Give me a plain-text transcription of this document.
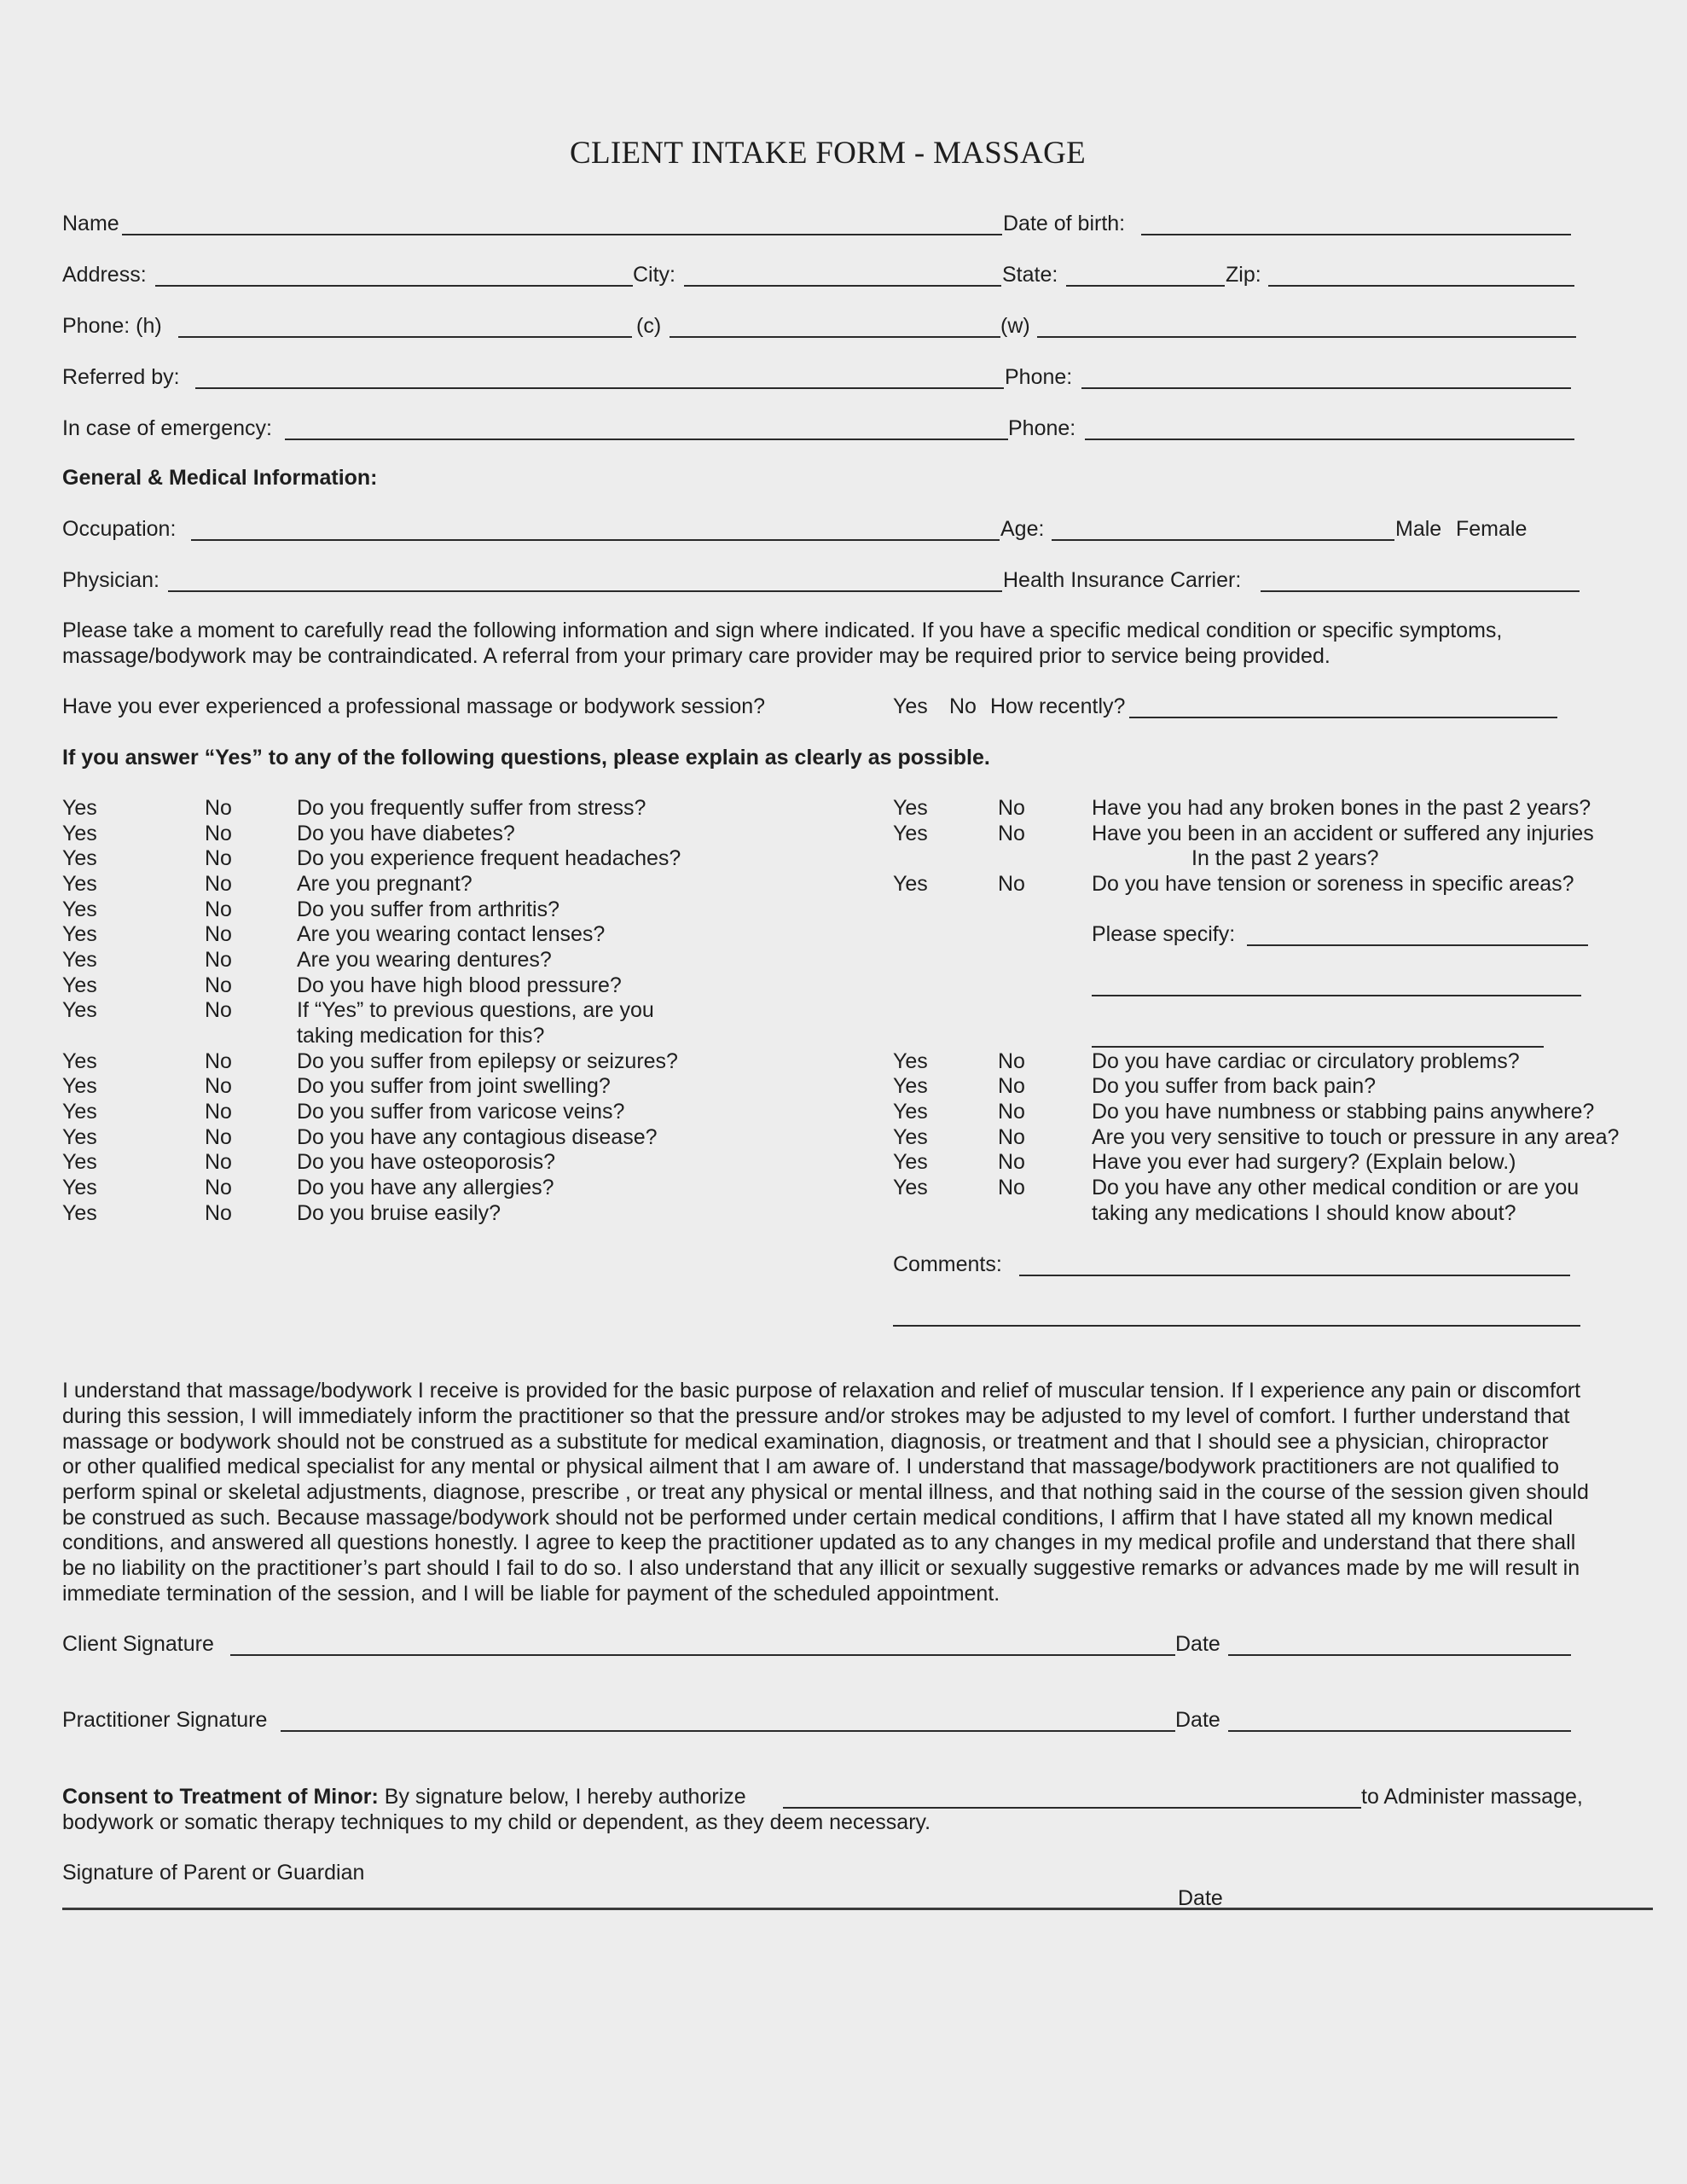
CLIENT INTAKE FORM - MASSAGE
Name	Date of birth:
Address:	City:	State:	Zip:
Phone: (h)	(c)	(w)
Referred by:	Phone:
In case of emergency:	Phone:
General & Medical Information:
Occupation:	Age:	Male Female
Physician:	Health Insurance Carrier:
Please take a moment to carefully read the following information and sign where indicated. If you have a specific medical condition or specific symptoms,
massage/bodywork may be contraindicated. A referral from your primary care provider may be required prior to service being provided.
Have you ever experienced a professional massage or bodywork session?	Yes No How recently?
If you answer “Yes” to any of the following questions, please explain as clearly as possible.
Yes	No	Do you frequently suffer from stress?
Yes	No	Do you have diabetes?
Yes	No	Do you experience frequent headaches?
Yes	No	Are you pregnant?
Yes	No	Do you suffer from arthritis?
Yes	No	Are you wearing contact lenses?
Yes	No	Are you wearing dentures?
Yes	No	Do you have high blood pressure?
Yes	No	If “Yes” to previous questions, are you
taking medication for this?
Yes	No	Do you suffer from epilepsy or seizures?
Yes	No	Do you suffer from joint swelling?
Yes	No	Do you suffer from varicose veins?
Yes	No	Do you have any contagious disease?
Yes	No	Do you have osteoporosis?
Yes	No	Do you have any allergies?
Yes	No	Do you bruise easily?
Yes	No	Have you had any broken bones in the past 2 years?
Yes	No	Have you been in an accident or suffered any injuries
In the past 2 years?
Yes	No	Do you have tension or soreness in specific areas?
Please specify:
Yes	No	Do you have cardiac or circulatory problems?
Yes	No	Do you suffer from back pain?
Yes	No	Do you have numbness or stabbing pains anywhere?
Yes	No	Are you very sensitive to touch or pressure in any area?
Yes	No	Have you ever had surgery? (Explain below.)
Yes	No	Do you have any other medical condition or are you
taking any medications I should know about?
Comments:
I understand that massage/bodywork I receive is provided for the basic purpose of relaxation and relief of muscular tension. If I experience any pain or discomfort
during this session, I will immediately inform the practitioner so that the pressure and/or strokes may be adjusted to my level of comfort. I further understand that
massage or bodywork should not be construed as a substitute for medical examination, diagnosis, or treatment and that I should see a physician, chiropractor
or other qualified medical specialist for any mental or physical ailment that I am aware of. I understand that massage/bodywork practitioners are not qualified to
perform spinal or skeletal adjustments, diagnose, prescribe , or treat any physical or mental illness, and that nothing said in the course of the session given should
be construed as such. Because massage/bodywork should not be performed under certain medical conditions, I affirm that I have stated all my known medical
conditions, and answered all questions honestly. I agree to keep the practitioner updated as to any changes in my medical profile and understand that there shall
be no liability on the practitioner’s part should I fail to do so. I also understand that any illicit or sexually suggestive remarks or advances made by me will result in
immediate termination of the session, and I will be liable for payment of the scheduled appointment.
Client Signature	Date
Practitioner Signature	Date
Consent to Treatment of Minor: By signature below, I hereby authorize	to Administer massage,
bodywork or somatic therapy techniques to my child or dependent, as they deem necessary.
Signature of Parent or Guardian
Date
